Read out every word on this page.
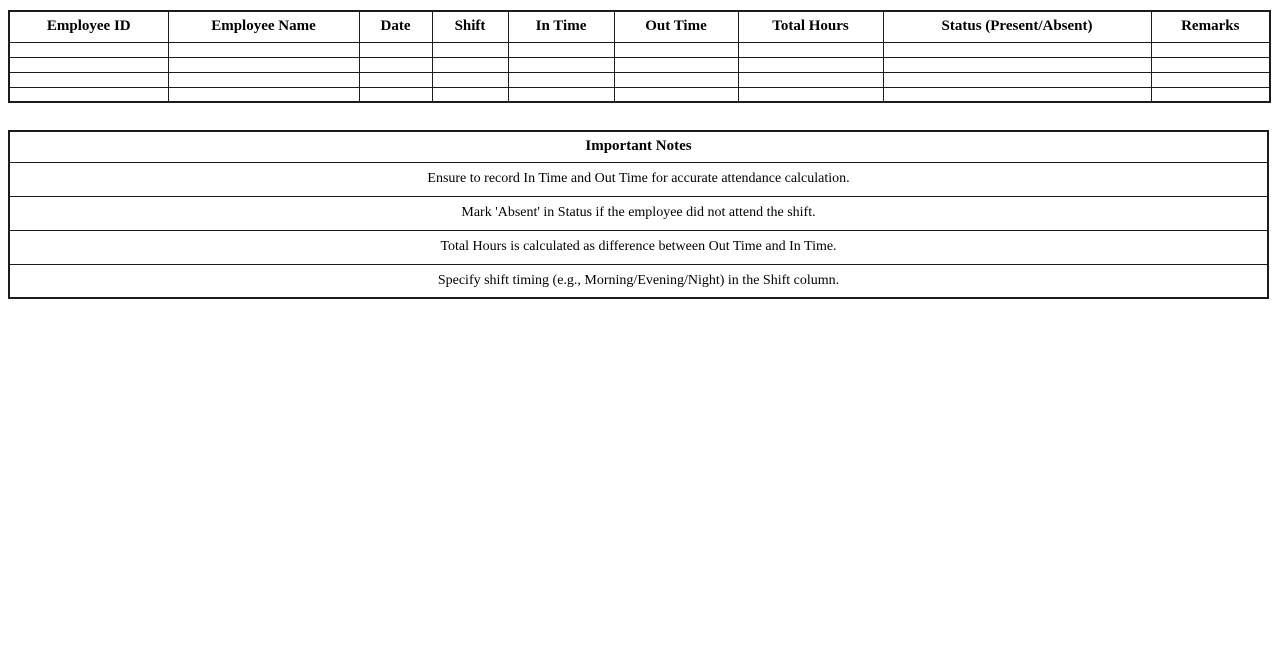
Employee ID	Employee Name	Date	Shift	In Time	Out Time	Total Hours	Status (Present/Absent)	Remarks

Important Notes
Ensure to record In Time and Out Time for accurate attendance calculation.
Mark 'Absent' in Status if the employee did not attend the shift.
Total Hours is calculated as difference between Out Time and In Time.
Specify shift timing (e.g., Morning/Evening/Night) in the Shift column.
